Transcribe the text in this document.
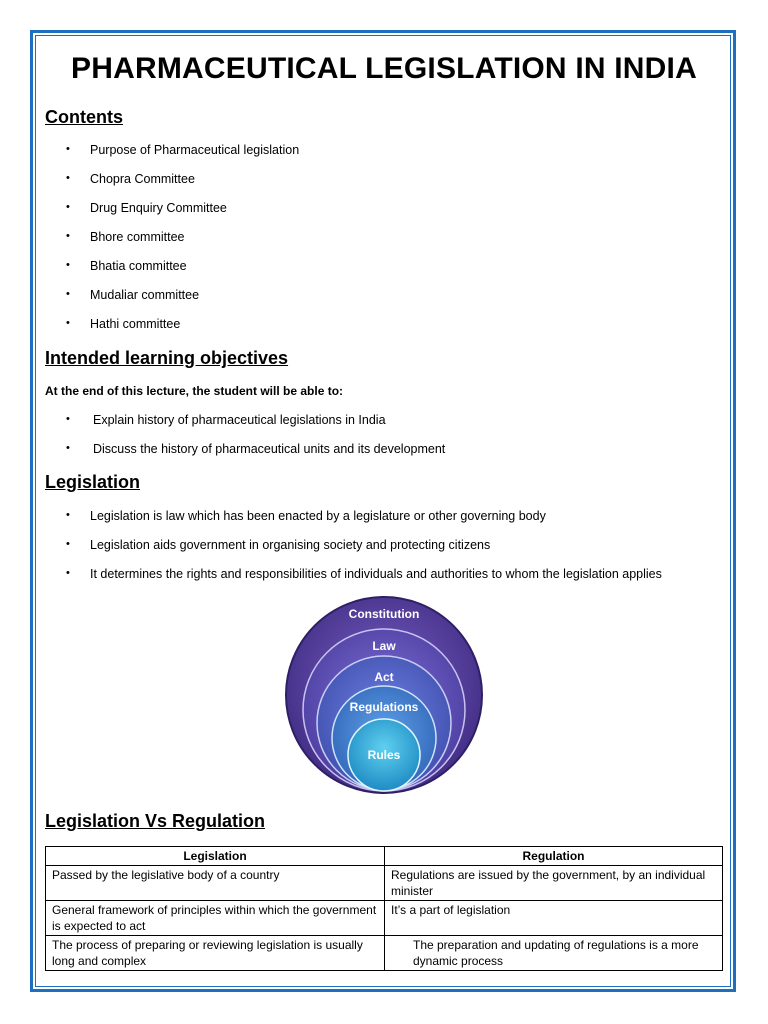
PHARMACEUTICAL LEGISLATION IN INDIA
Contents
• Purpose of Pharmaceutical legislation
• Chopra Committee
• Drug Enquiry Committee
• Bhore committee
• Bhatia committee
• Mudaliar committee
• Hathi committee
Intended learning objectives
At the end of this lecture, the student will be able to:
• Explain history of pharmaceutical legislations in India
• Discuss the history of pharmaceutical units and its development
Legislation
• Legislation is law which has been enacted by a legislature or other governing body
• Legislation aids government in organising society and protecting citizens
• It determines the rights and responsibilities of individuals and authorities to whom the legislation applies
Constitution
Law
Act
Regulations
Rules
Legislation Vs Regulation
Legislation	Regulation
Passed by the legislative body of a country	Regulations are issued by the government, by an individual minister
General framework of principles within which the government is expected to act	It’s a part of legislation
The process of preparing or reviewing legislation is usually long and complex	The preparation and updating of regulations is a more dynamic process
